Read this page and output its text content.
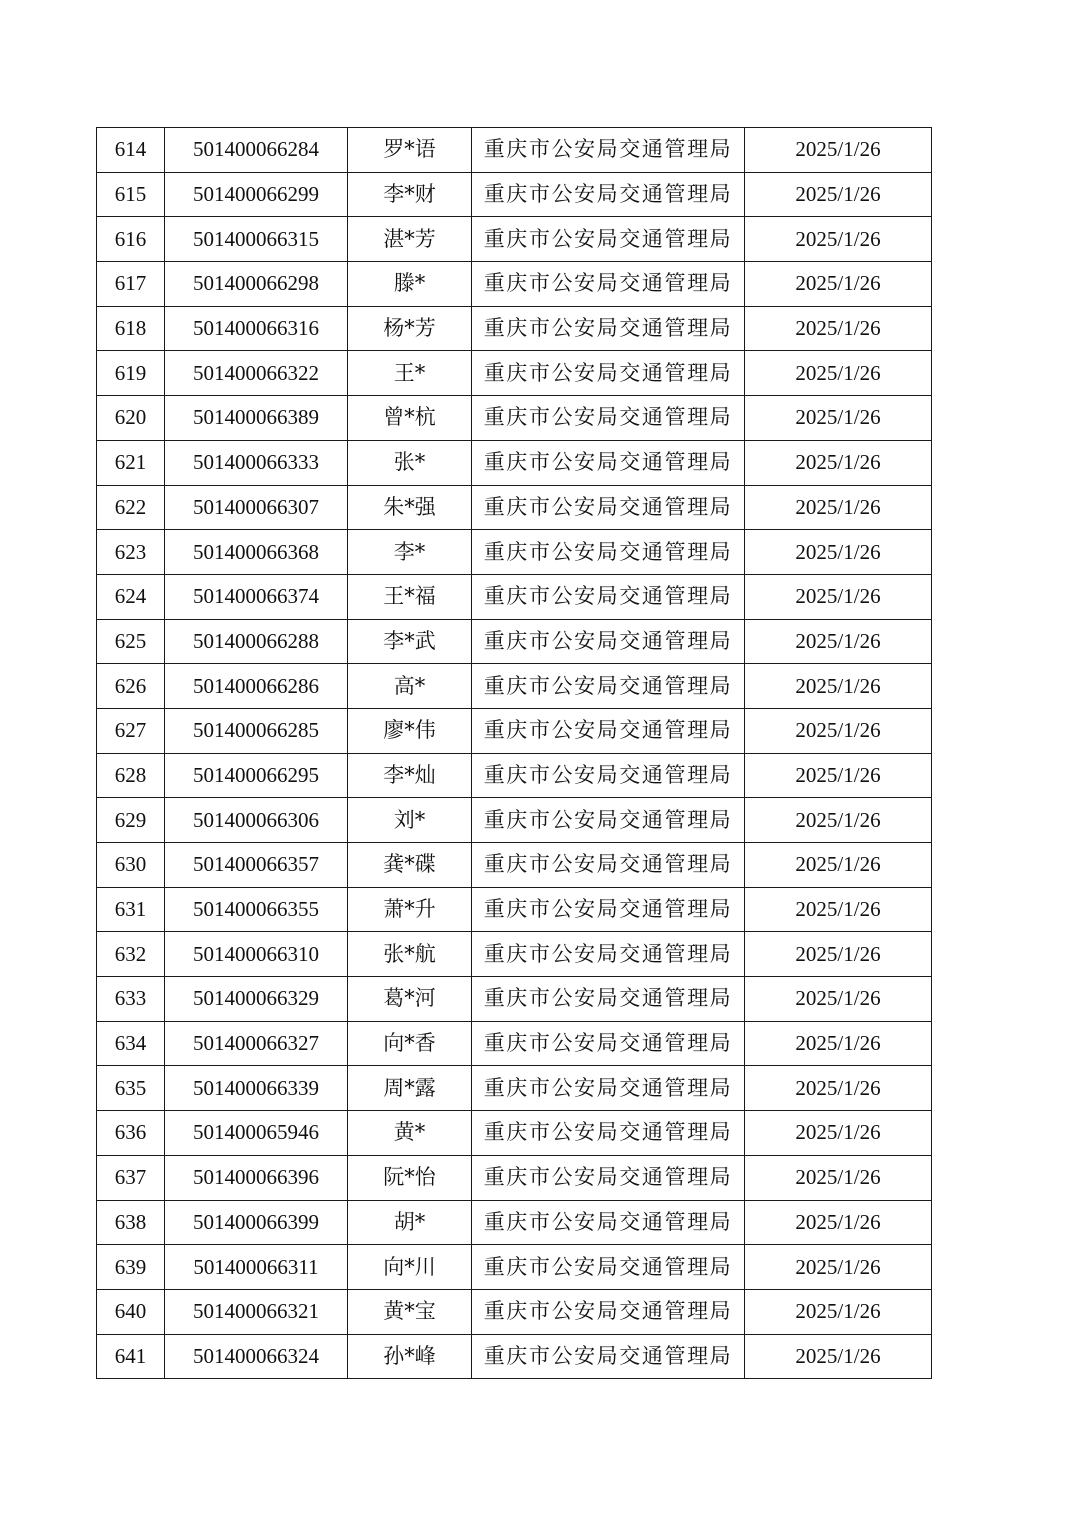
614	501400066284	罗*语	重庆市公安局交通管理局	2025/1/26
615	501400066299	李*财	重庆市公安局交通管理局	2025/1/26
616	501400066315	湛*芳	重庆市公安局交通管理局	2025/1/26
617	501400066298	滕*	重庆市公安局交通管理局	2025/1/26
618	501400066316	杨*芳	重庆市公安局交通管理局	2025/1/26
619	501400066322	王*	重庆市公安局交通管理局	2025/1/26
620	501400066389	曾*杭	重庆市公安局交通管理局	2025/1/26
621	501400066333	张*	重庆市公安局交通管理局	2025/1/26
622	501400066307	朱*强	重庆市公安局交通管理局	2025/1/26
623	501400066368	李*	重庆市公安局交通管理局	2025/1/26
624	501400066374	王*福	重庆市公安局交通管理局	2025/1/26
625	501400066288	李*武	重庆市公安局交通管理局	2025/1/26
626	501400066286	高*	重庆市公安局交通管理局	2025/1/26
627	501400066285	廖*伟	重庆市公安局交通管理局	2025/1/26
628	501400066295	李*灿	重庆市公安局交通管理局	2025/1/26
629	501400066306	刘*	重庆市公安局交通管理局	2025/1/26
630	501400066357	龚*碟	重庆市公安局交通管理局	2025/1/26
631	501400066355	萧*升	重庆市公安局交通管理局	2025/1/26
632	501400066310	张*航	重庆市公安局交通管理局	2025/1/26
633	501400066329	葛*河	重庆市公安局交通管理局	2025/1/26
634	501400066327	向*香	重庆市公安局交通管理局	2025/1/26
635	501400066339	周*露	重庆市公安局交通管理局	2025/1/26
636	501400065946	黄*	重庆市公安局交通管理局	2025/1/26
637	501400066396	阮*怡	重庆市公安局交通管理局	2025/1/26
638	501400066399	胡*	重庆市公安局交通管理局	2025/1/26
639	501400066311	向*川	重庆市公安局交通管理局	2025/1/26
640	501400066321	黄*宝	重庆市公安局交通管理局	2025/1/26
641	501400066324	孙*峰	重庆市公安局交通管理局	2025/1/26
